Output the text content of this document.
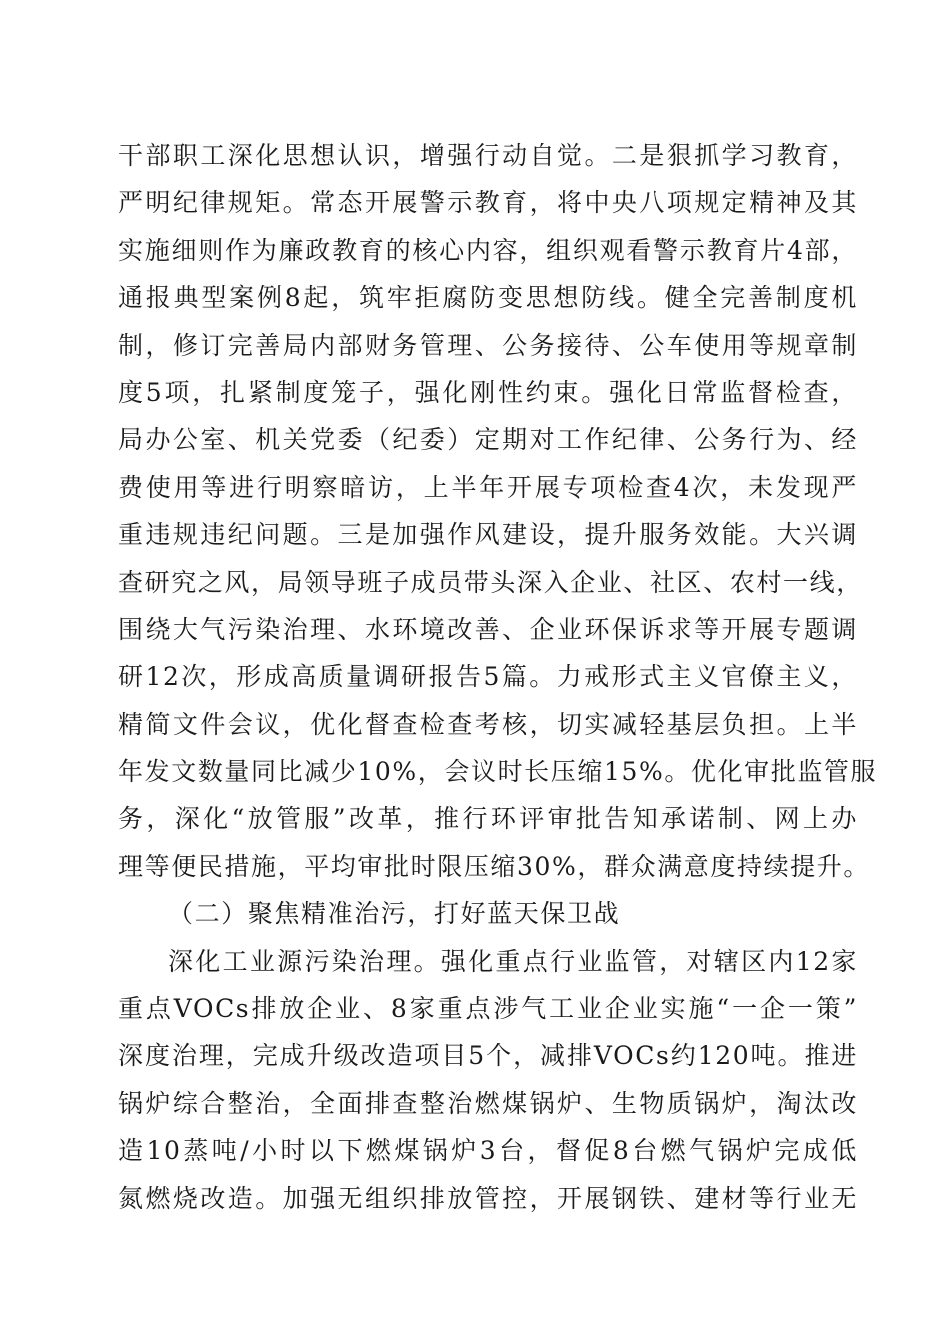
干部职工深化思想认识，增强行动自觉。二是狠抓学习教育，
严明纪律规矩。常态开展警示教育，将中央八项规定精神及其
实施细则作为廉政教育的核心内容，组织观看警示教育片4部，
通报典型案例8起，筑牢拒腐防变思想防线。健全完善制度机
制，修订完善局内部财务管理、公务接待、公车使用等规章制
度5项，扎紧制度笼子，强化刚性约束。强化日常监督检查，
局办公室、机关党委（纪委）定期对工作纪律、公务行为、经
费使用等进行明察暗访，上半年开展专项检查4次，未发现严
重违规违纪问题。三是加强作风建设，提升服务效能。大兴调
查研究之风，局领导班子成员带头深入企业、社区、农村一线，
围绕大气污染治理、水环境改善、企业环保诉求等开展专题调
研12次，形成高质量调研报告5篇。力戒形式主义官僚主义，
精简文件会议，优化督查检查考核，切实减轻基层负担。上半
年发文数量同比减少10%，会议时长压缩15%。优化审批监管服
务，深化“放管服”改革，推行环评审批告知承诺制、网上办
理等便民措施，平均审批时限压缩30%，群众满意度持续提升。
（二）聚焦精准治污，打好蓝天保卫战
深化工业源污染治理。强化重点行业监管，对辖区内12家
重点VOCs排放企业、8家重点涉气工业企业实施“一企一策”
深度治理，完成升级改造项目5个，减排VOCs约120吨。推进
锅炉综合整治，全面排查整治燃煤锅炉、生物质锅炉，淘汰改
造10蒸吨/小时以下燃煤锅炉3台，督促8台燃气锅炉完成低
氮燃烧改造。加强无组织排放管控，开展钢铁、建材等行业无
